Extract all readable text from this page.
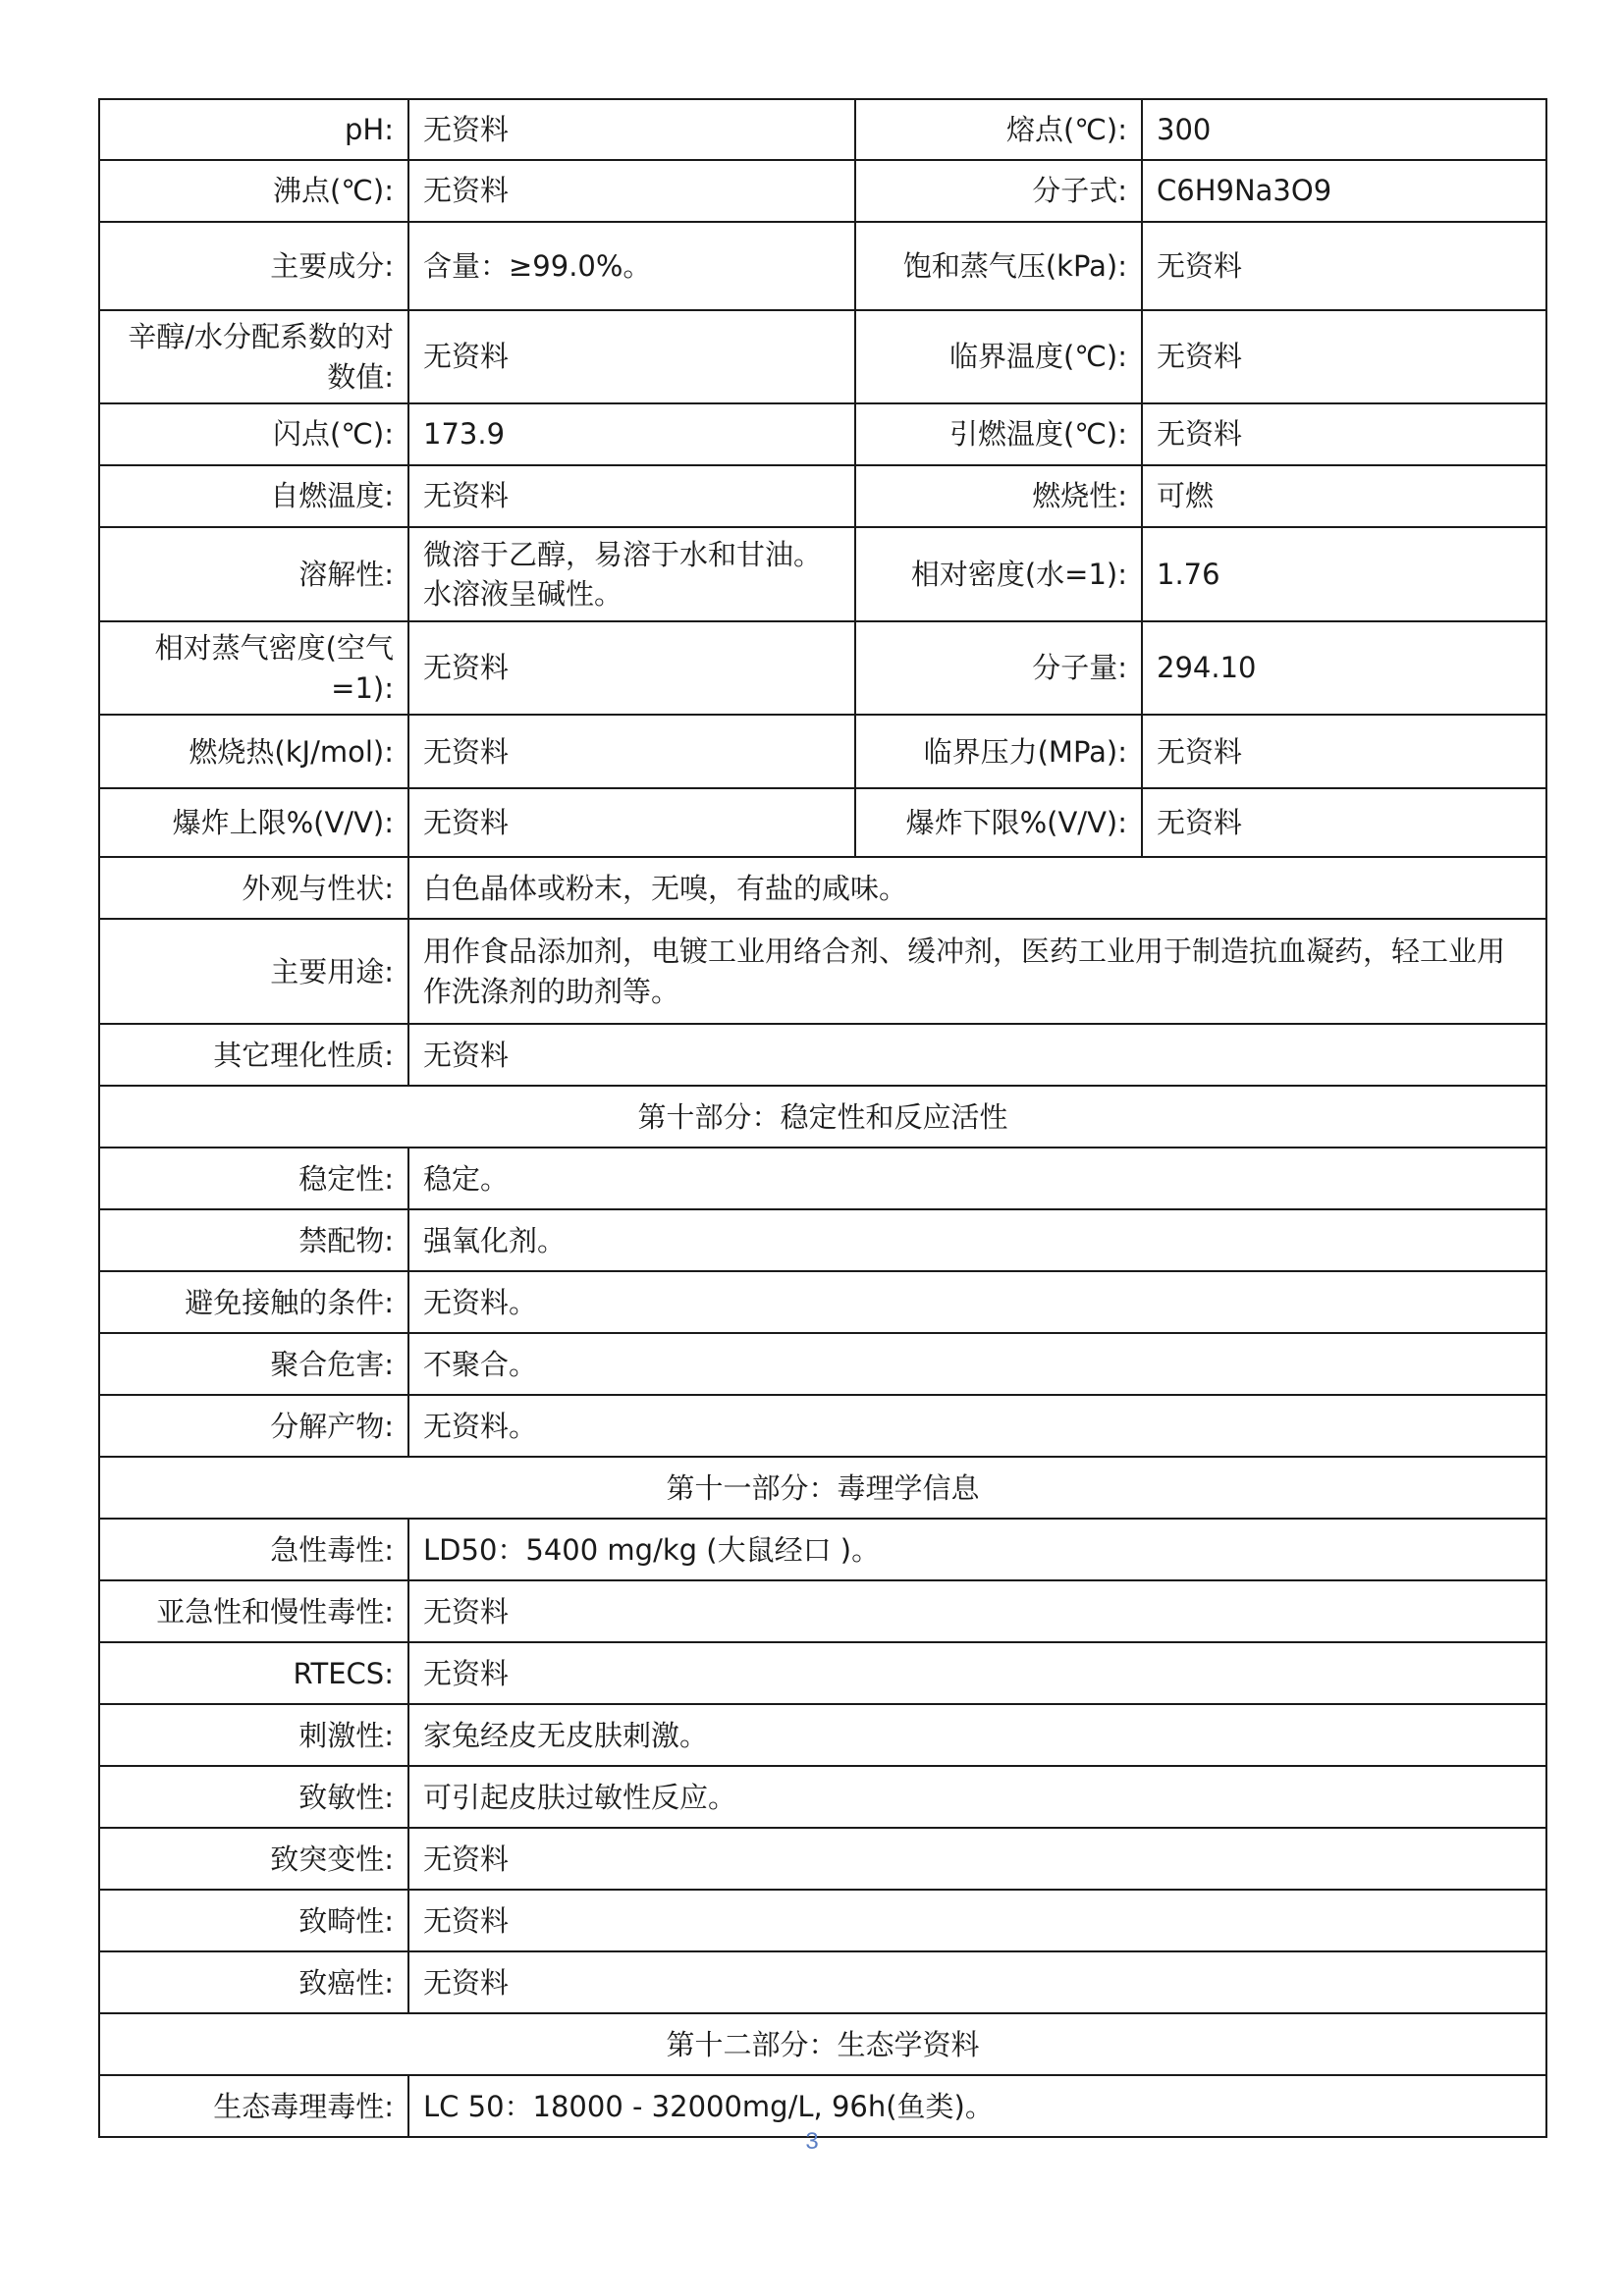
pH:	无资料	熔点(℃):	300
沸点(℃):	无资料	分子式:	C6H9Na3O9
主要成分:	含量：≥99.0%。	饱和蒸气压(kPa):	无资料
辛醇/水分配系数的对数值:	无资料	临界温度(℃):	无资料
闪点(℃):	173.9	引燃温度(℃):	无资料
自燃温度:	无资料	燃烧性:	可燃
溶解性:	微溶于乙醇，易溶于水和甘油。水溶液呈碱性。	相对密度(水=1):	1.76
相对蒸气密度(空气=1):	无资料	分子量:	294.10
燃烧热(kJ/mol):	无资料	临界压力(MPa):	无资料
爆炸上限%(V/V):	无资料	爆炸下限%(V/V):	无资料
外观与性状:	白色晶体或粉末，无嗅，有盐的咸味。		
主要用途:	用作食品添加剂，电镀工业用络合剂、缓冲剂，医药工业用于制造抗血凝药，轻工业用作洗涤剂的助剂等。		
其它理化性质:	无资料		
第十部分：稳定性和反应活性			
稳定性:	稳定。		
禁配物:	强氧化剂。		
避免接触的条件:	无资料。		
聚合危害:	不聚合。		
分解产物:	无资料。		
第十一部分：毒理学信息			
急性毒性:	LD50：5400 mg/kg (大鼠经口 )。		
亚急性和慢性毒性:	无资料		
RTECS:	无资料		
刺激性:	家兔经皮无皮肤刺激。		
致敏性:	可引起皮肤过敏性反应。		
致突变性:	无资料		
致畸性:	无资料		
致癌性:	无资料		
第十二部分：生态学资料			
生态毒理毒性:	LC 50：18000 - 32000mg/L, 96h(鱼类)。		
3
